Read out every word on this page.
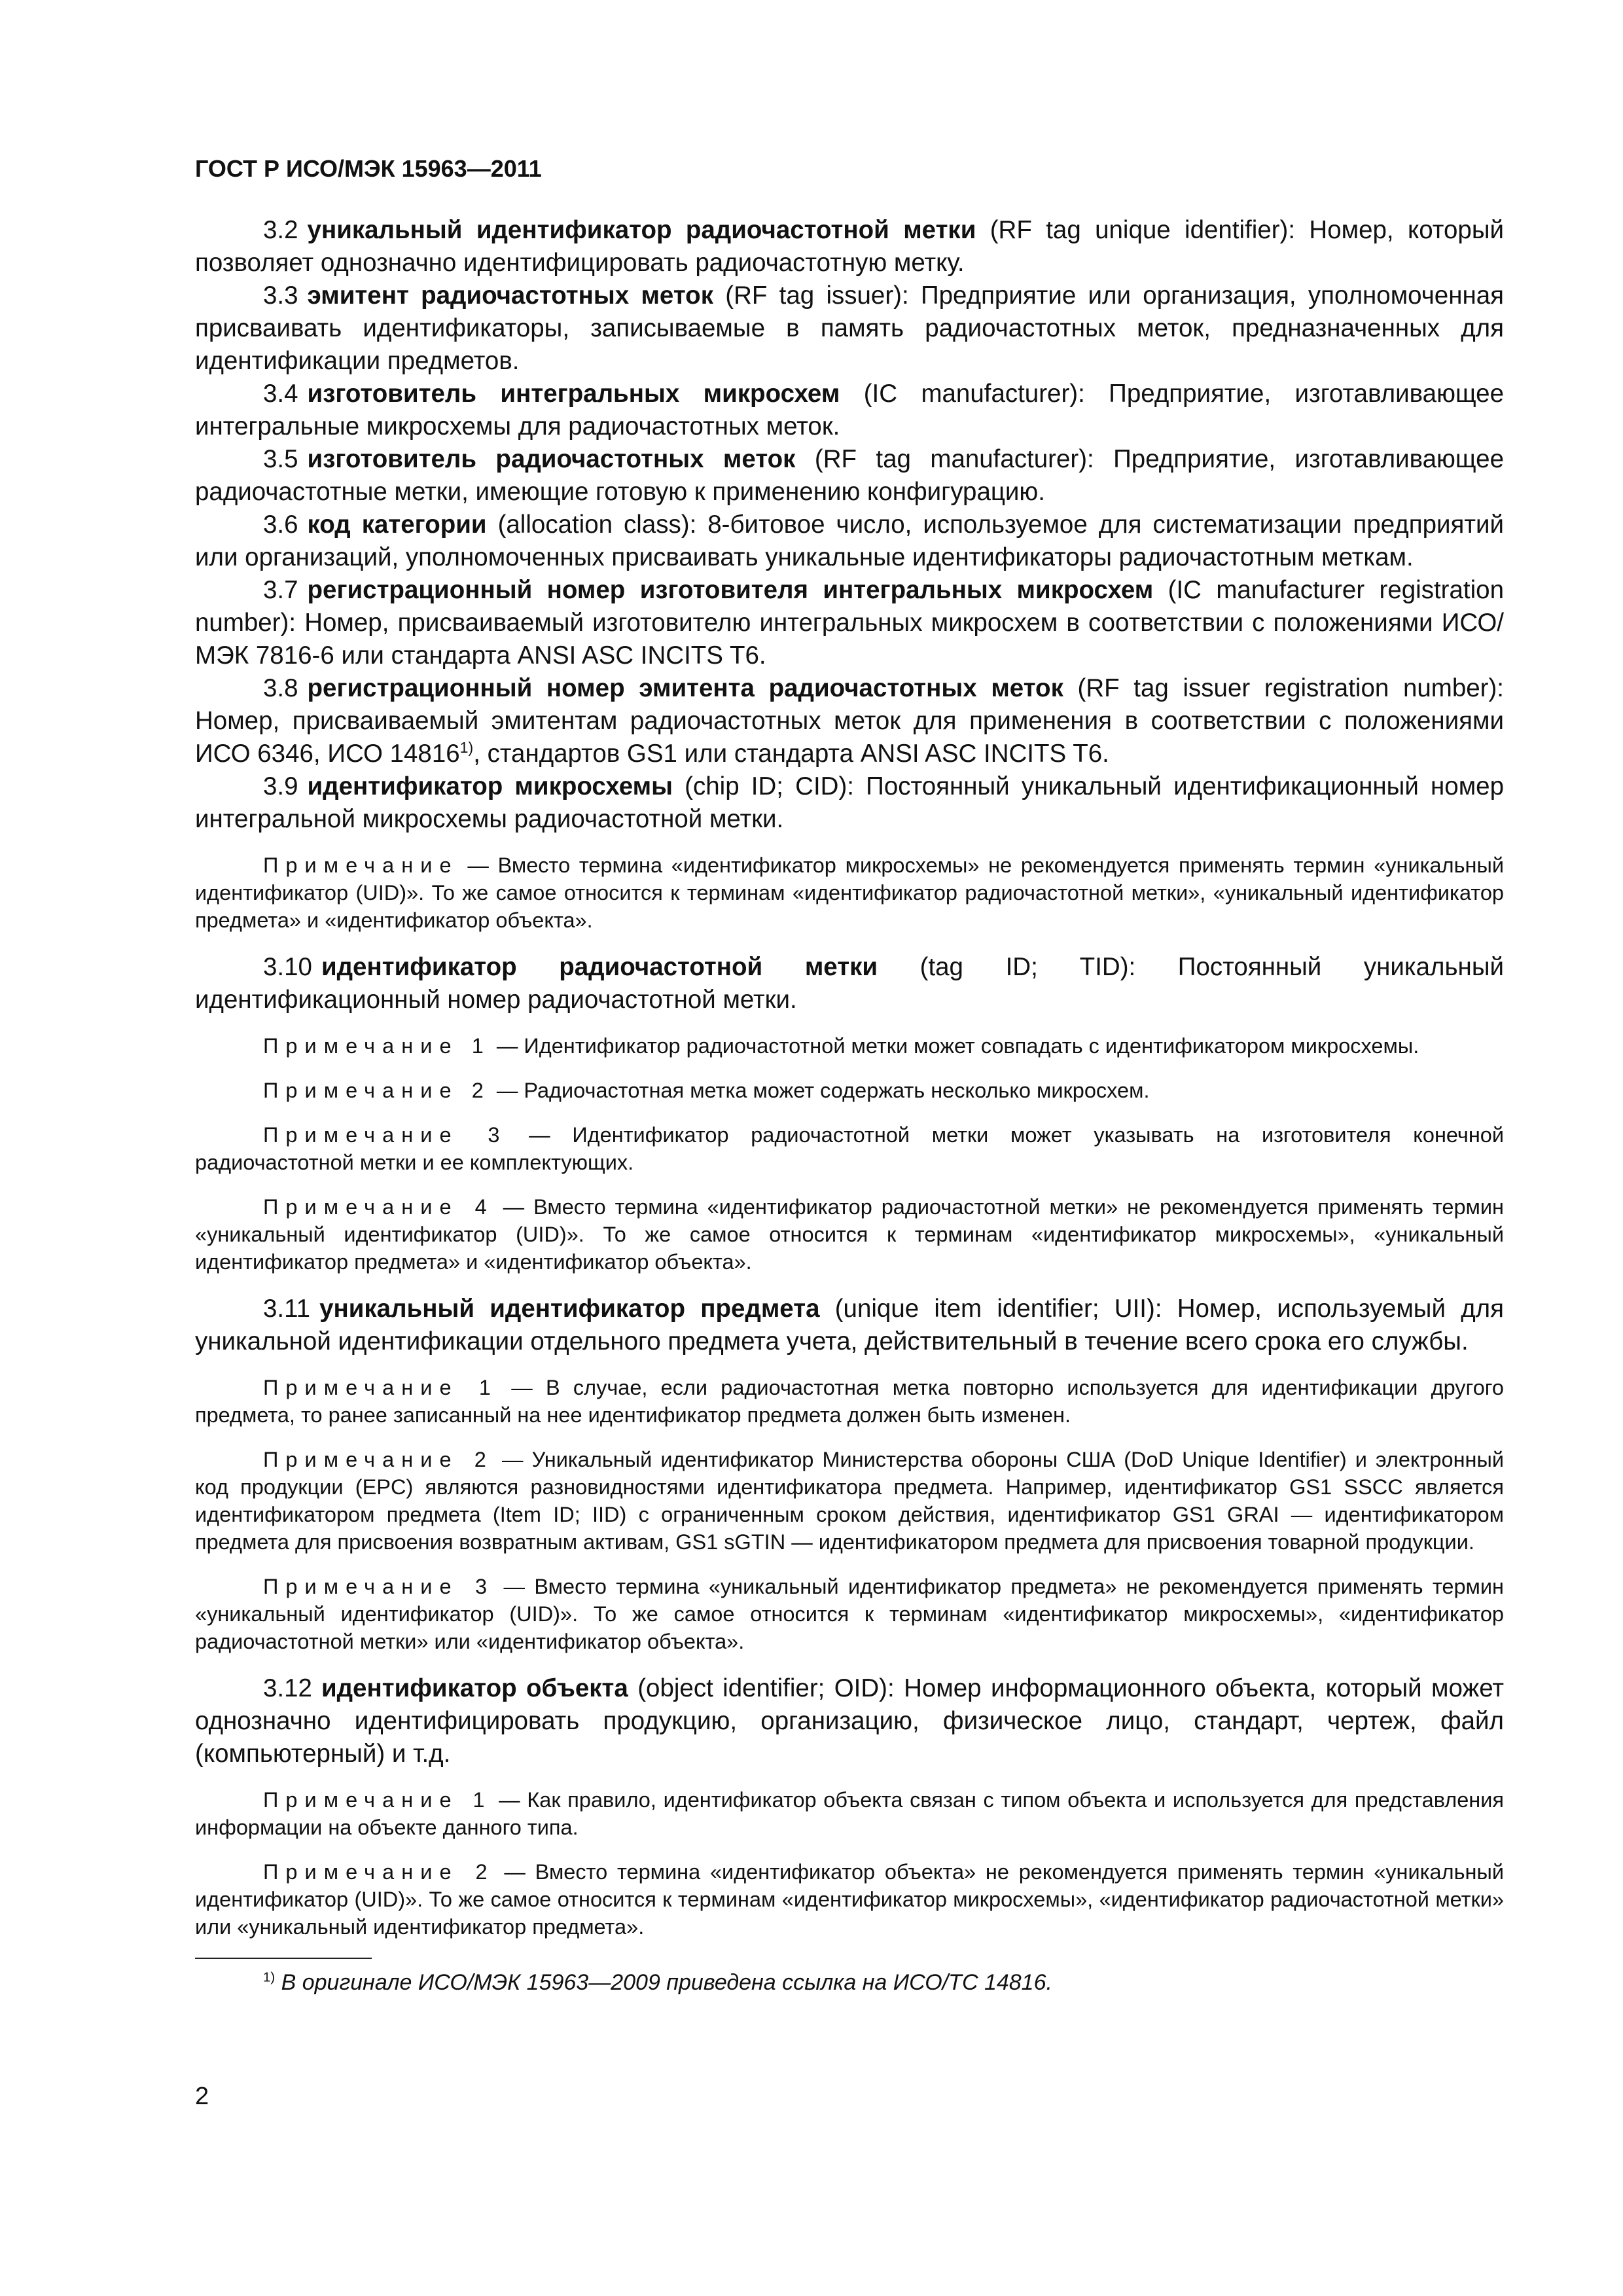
ГОСТ Р ИСО/МЭК 15963—2011

3.2 уникальный идентификатор радиочастотной метки (RF tag unique identifier): Номер, который позволяет однозначно идентифицировать радиочастотную метку.

3.3 эмитент радиочастотных меток (RF tag issuer): Предприятие или организация, уполномоченная присваивать идентификаторы, записываемые в память радиочастотных меток, предназначенных для идентификации предметов.

3.4 изготовитель интегральных микросхем (IC manufacturer): Предприятие, изготавливающее интегральные микросхемы для радиочастотных меток.

3.5 изготовитель радиочастотных меток (RF tag manufacturer): Предприятие, изготавливающее радиочастотные метки, имеющие готовую к применению конфигурацию.

3.6 код категории (allocation class): 8-битовое число, используемое для систематизации предприятий или организаций, уполномоченных присваивать уникальные идентификаторы радиочастотным меткам.

3.7 регистрационный номер изготовителя интегральных микросхем (IC manufacturer registration number): Номер, присваиваемый изготовителю интегральных микросхем в соответствии с положениями ИСО/МЭК 7816-6 или стандарта ANSI ASC INCITS T6.

3.8 регистрационный номер эмитента радиочастотных меток (RF tag issuer registration number): Номер, присваиваемый эмитентам радиочастотных меток для применения в соответствии с положениями ИСО 6346, ИСО 14816$^{1)}$, стандартов GS1 или стандарта ANSI ASC INCITS T6.

3.9 идентификатор микросхемы (chip ID; CID): Постоянный уникальный идентификационный номер интегральной микросхемы радиочастотной метки.

Примечание — Вместо термина «идентификатор микросхемы» не рекомендуется применять термин «уникальный идентификатор (UID)». То же самое относится к терминам «идентификатор радиочастотной метки», «уникальный идентификатор предмета» и «идентификатор объекта».

3.10 идентификатор радиочастотной метки (tag ID; TID): Постоянный уникальный идентификационный номер радиочастотной метки.

Примечание 1 — Идентификатор радиочастотной метки может совпадать с идентификатором микросхемы.

Примечание 2 — Радиочастотная метка может содержать несколько микросхем.

Примечание 3 — Идентификатор радиочастотной метки может указывать на изготовителя конечной радиочастотной метки и ее комплектующих.

Примечание 4 — Вместо термина «идентификатор радиочастотной метки» не рекомендуется применять термин «уникальный идентификатор (UID)». То же самое относится к терминам «идентификатор микросхемы», «уникальный идентификатор предмета» и «идентификатор объекта».

3.11 уникальный идентификатор предмета (unique item identifier; UII): Номер, используемый для уникальной идентификации отдельного предмета учета, действительный в течение всего срока его службы.

Примечание 1 — В случае, если радиочастотная метка повторно используется для идентификации другого предмета, то ранее записанный на нее идентификатор предмета должен быть изменен.

Примечание 2 — Уникальный идентификатор Министерства обороны США (DoD Unique Identifier) и электронный код продукции (EPC) являются разновидностями идентификатора предмета. Например, идентификатор GS1 SSCC является идентификатором предмета (Item ID; IID) с ограниченным сроком действия, идентификатор GS1 GRAI — идентификатором предмета для присвоения возвратным активам, GS1 sGTIN — идентификатором предмета для присвоения товарной продукции.

Примечание 3 — Вместо термина «уникальный идентификатор предмета» не рекомендуется применять термин «уникальный идентификатор (UID)». То же самое относится к терминам «идентификатор микросхемы», «идентификатор радиочастотной метки» или «идентификатор объекта».

3.12 идентификатор объекта (object identifier; OID): Номер информационного объекта, который может однозначно идентифицировать продукцию, организацию, физическое лицо, стандарт, чертеж, файл (компьютерный) и т.д.

Примечание 1 — Как правило, идентификатор объекта связан с типом объекта и используется для представления информации на объекте данного типа.

Примечание 2 — Вместо термина «идентификатор объекта» не рекомендуется применять термин «уникальный идентификатор (UID)». То же самое относится к терминам «идентификатор микросхемы», «идентификатор радиочастотной метки» или «уникальный идентификатор предмета».

$^{1)}$ В оригинале ИСО/МЭК 15963—2009 приведена ссылка на ИСО/ТС 14816.

2
